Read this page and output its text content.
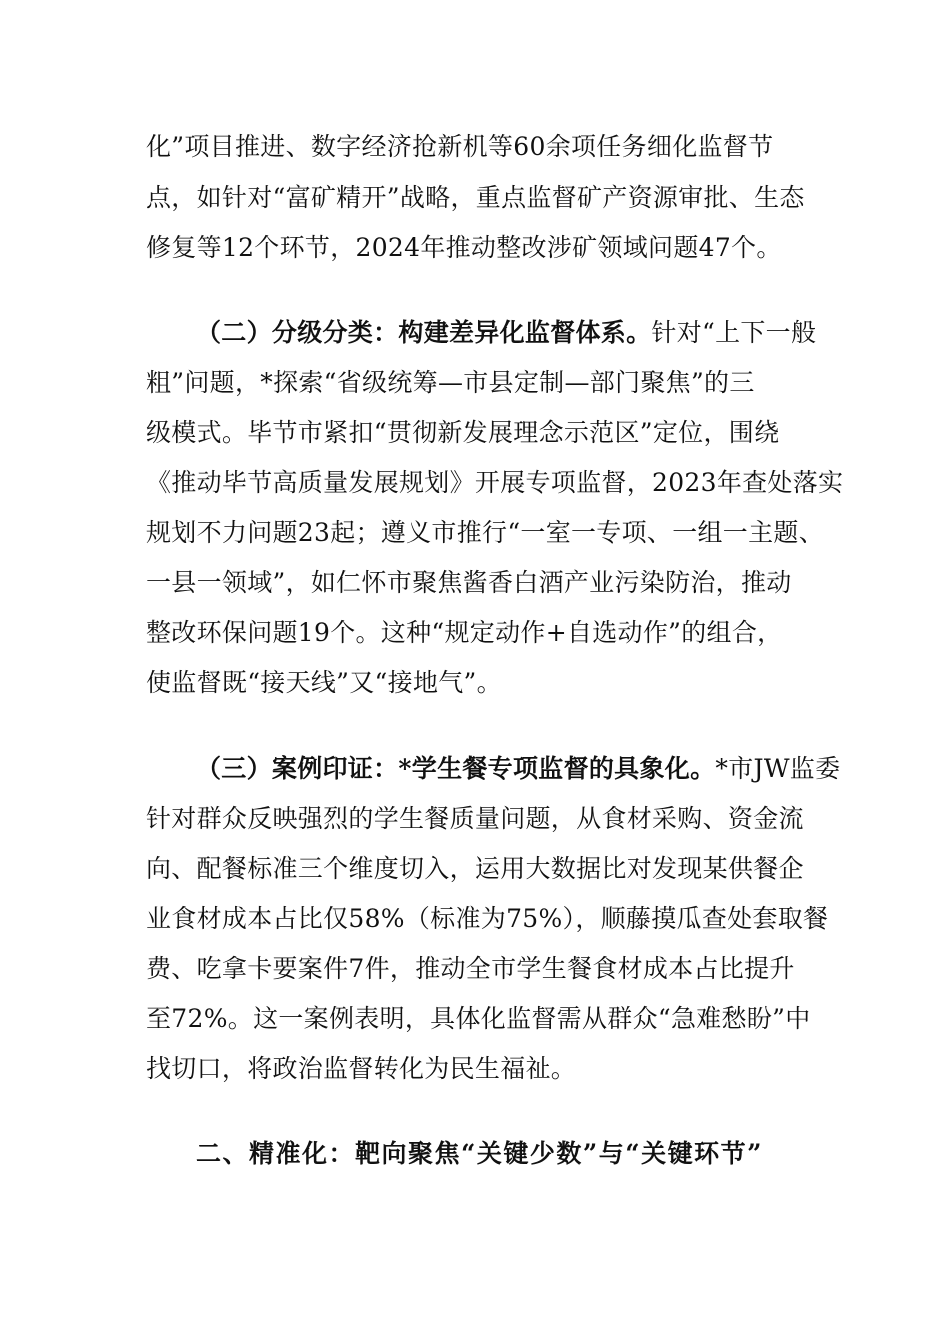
化”项目推进、数字经济抢新机等60余项任务细化监督节
点，如针对“富矿精开”战略，重点监督矿产资源审批、生态
修复等12个环节，2024年推动整改涉矿领域问题47个。
（二）分级分类：构建差异化监督体系。针对“上下一般
粗”问题，*探索“省级统筹—市县定制—部门聚焦”的三
级模式。毕节市紧扣“贯彻新发展理念示范区”定位，围绕
《推动毕节高质量发展规划》开展专项监督，2023年查处落实
规划不力问题23起；遵义市推行“一室一专项、一组一主题、
一县一领域”，如仁怀市聚焦酱香白酒产业污染防治，推动
整改环保问题19个。这种“规定动作+自选动作”的组合，
使监督既“接天线”又“接地气”。
（三）案例印证：*学生餐专项监督的具象化。*市JW监委
针对群众反映强烈的学生餐质量问题，从食材采购、资金流
向、配餐标准三个维度切入，运用大数据比对发现某供餐企
业食材成本占比仅58%（标准为75%），顺藤摸瓜查处套取餐
费、吃拿卡要案件7件，推动全市学生餐食材成本占比提升
至72%。这一案例表明，具体化监督需从群众“急难愁盼”中
找切口，将政治监督转化为民生福祉。
二、精准化：靶向聚焦“关键少数”与“关键环节”
